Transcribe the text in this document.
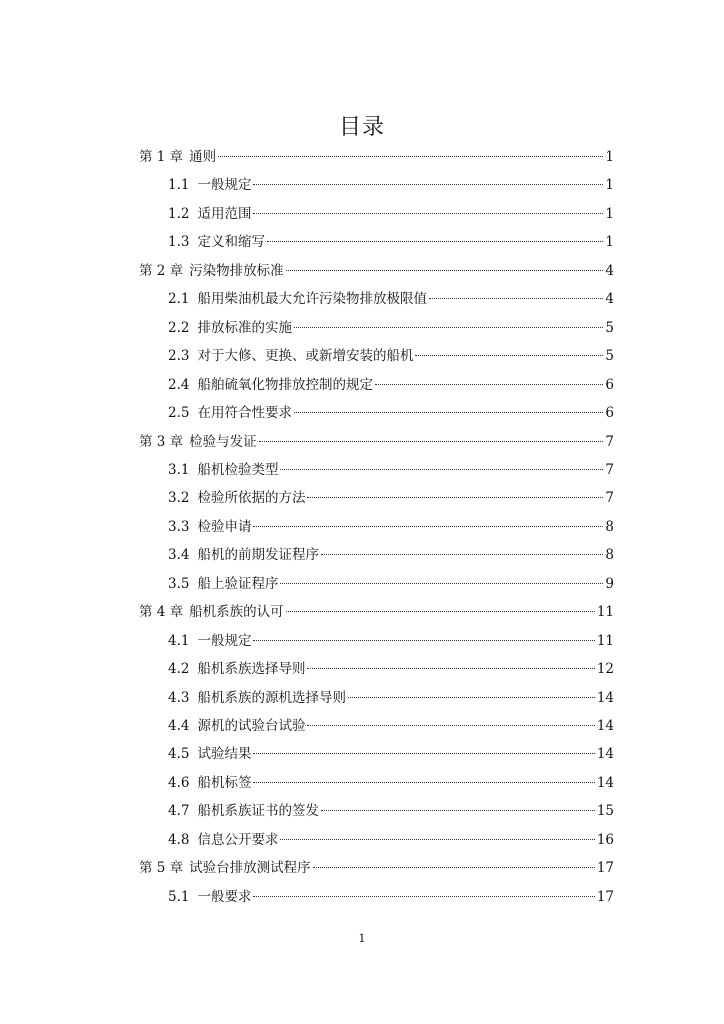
目录
第 1 章 通则	1
1.1 一般规定	1
1.2 适用范围	1
1.3 定义和缩写	1
第 2 章 污染物排放标准	4
2.1 船用柴油机最大允许污染物排放极限值	4
2.2 排放标准的实施	5
2.3 对于大修、更换、或新增安装的船机	5
2.4 船舶硫氧化物排放控制的规定	6
2.5 在用符合性要求	6
第 3 章 检验与发证	7
3.1 船机检验类型	7
3.2 检验所依据的方法	7
3.3 检验申请	8
3.4 船机的前期发证程序	8
3.5 船上验证程序	9
第 4 章 船机系族的认可	11
4.1 一般规定	11
4.2 船机系族选择导则	12
4.3 船机系族的源机选择导则	14
4.4 源机的试验台试验	14
4.5 试验结果	14
4.6 船机标签	14
4.7 船机系族证书的签发	15
4.8 信息公开要求	16
第 5 章 试验台排放测试程序	17
5.1 一般要求	17
1
